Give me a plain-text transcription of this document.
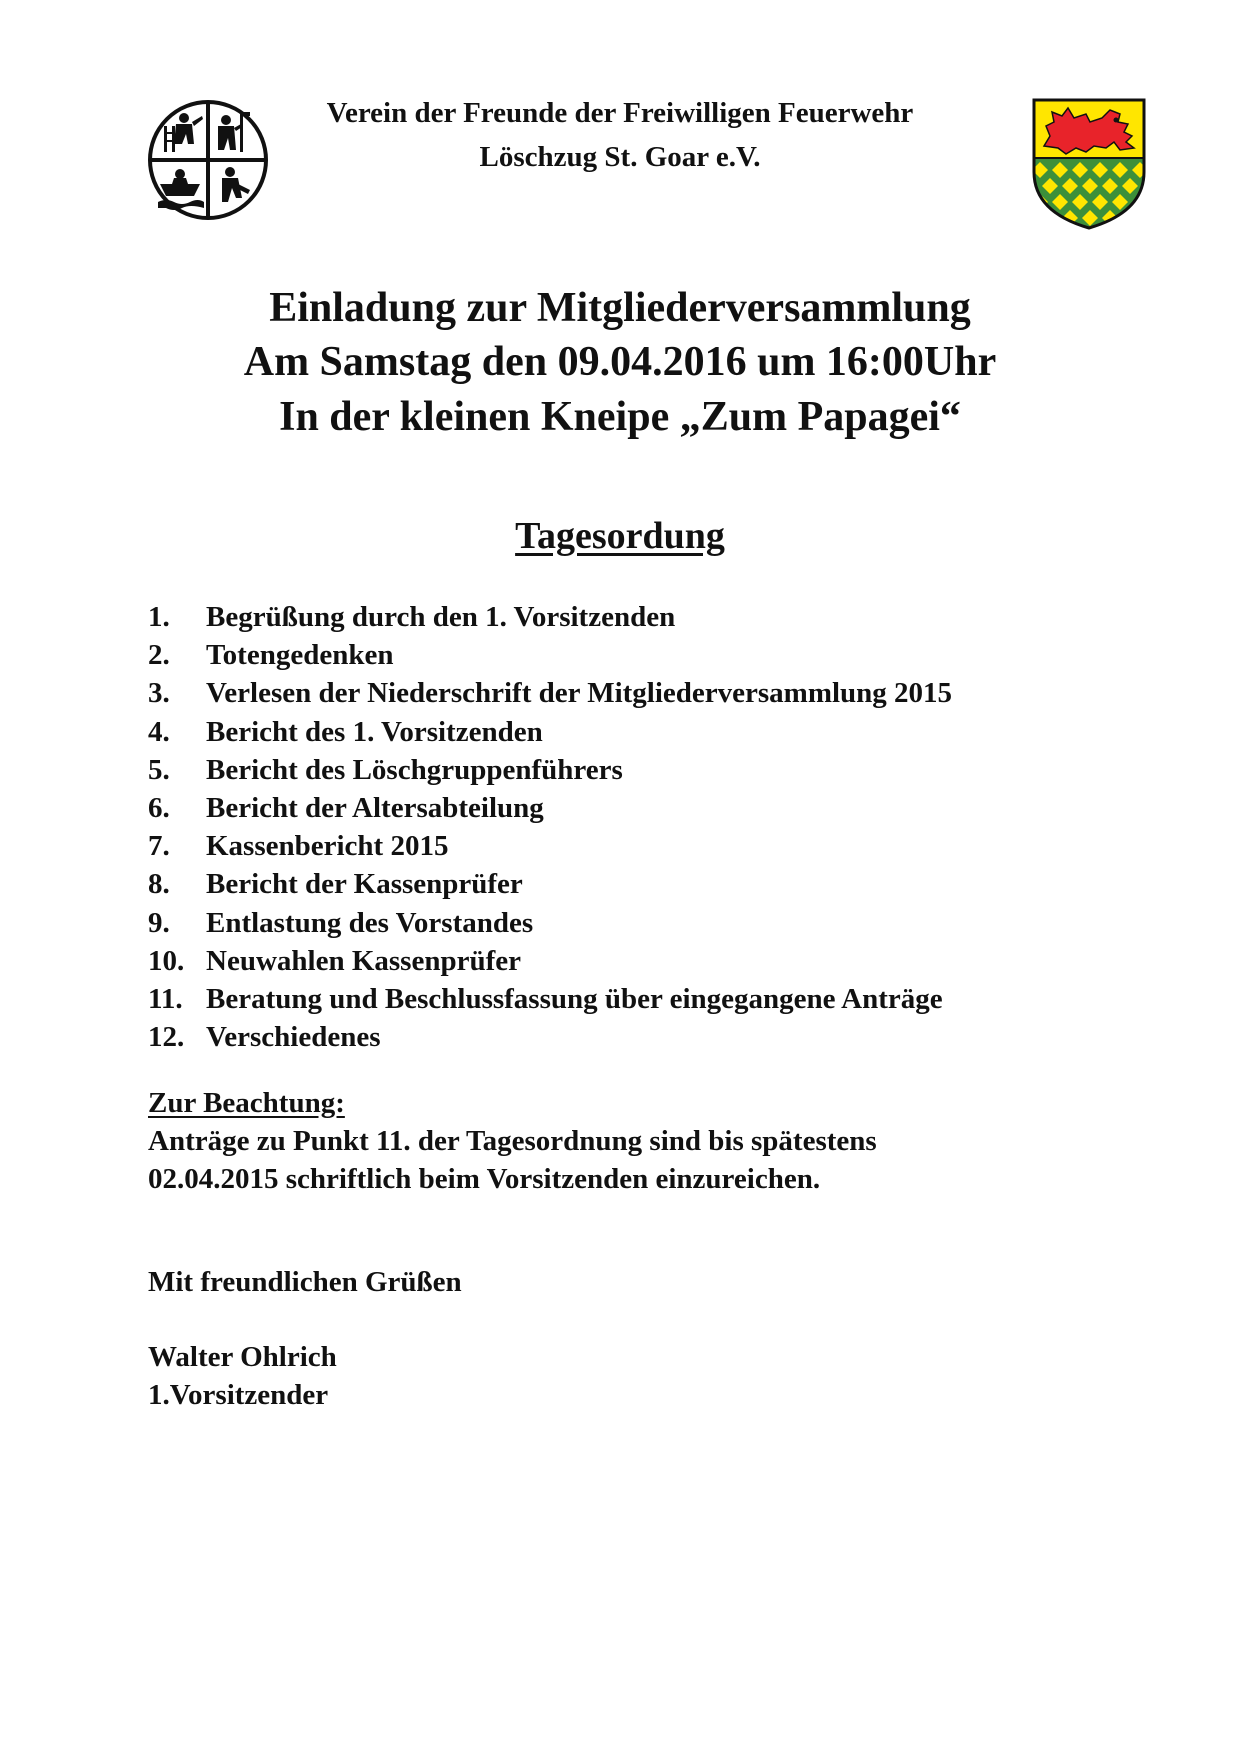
Verein der Freunde der Freiwilligen Feuerwehr
Löschzug St. Goar e.V.
Einladung zur Mitgliederversammlung
Am Samstag den 09.04.2016 um 16:00Uhr
In der kleinen Kneipe „Zum Papagei“
Tagesordung
1. Begrüßung durch den 1. Vorsitzenden
2. Totengedenken
3. Verlesen der Niederschrift der Mitgliederversammlung 2015
4. Bericht des 1. Vorsitzenden
5. Bericht des Löschgruppenführers
6. Bericht der Altersabteilung
7. Kassenbericht 2015
8. Bericht der Kassenprüfer
9. Entlastung des Vorstandes
10. Neuwahlen Kassenprüfer
11. Beratung und Beschlussfassung über eingegangene Anträge
12. Verschiedenes
Zur Beachtung:
Anträge zu Punkt 11. der Tagesordnung sind bis spätestens
02.04.2015 schriftlich beim Vorsitzenden einzureichen.
Mit freundlichen Grüßen
Walter Ohlrich
1.Vorsitzender
